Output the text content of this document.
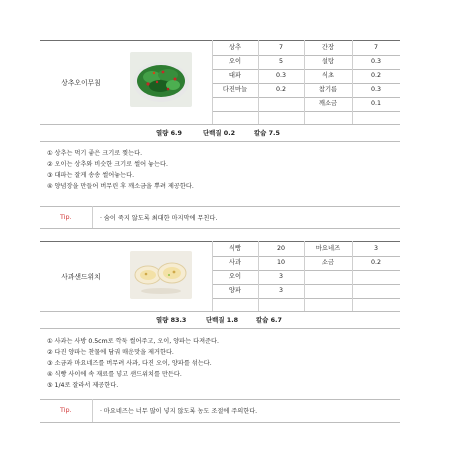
상추오이무침
상추	7	간장	7
오이	5	설탕	0.3
대파	0.3	식초	0.2
다진마늘	0.2	참기름	0.3
깨소금	0.1
열량 6.9	단백질 0.2	칼슘 7.5
① 상추는 먹기 좋은 크기로 찢는다.
② 오이는 상추와 비슷한 크기로 썰어 놓는다.
③ 대파는 잘게 송송 썰어놓는다.
④ 양념장을 만들어 버무린 후 깨소금을 뿌려 제공한다.
Tip.	· 숨이 죽지 않도록 최대한 마지막에 무친다.
사과샌드위치
식빵	20	마요네즈	3
사과	10	소금	0.2
오이	3
양파	3
열량 83.3	단백질 1.8	칼슘 6.7
① 사과는 사방 0.5cm로 깍둑 썰어주고, 오이, 양파는 다져준다.
② 다진 양파는 찬물에 담궈 매운맛을 제거한다.
③ 소금과 마요네즈를 버무려 사과, 다진 오이, 양파를 섞는다.
④ 식빵 사이에 속 재료를 넣고 샌드위치를 만든다.
⑤ 1/4로 잘라서 제공한다.
Tip.	· 마요네즈는 너무 많이 넣지 않도록 농도 조절에 주의한다.
